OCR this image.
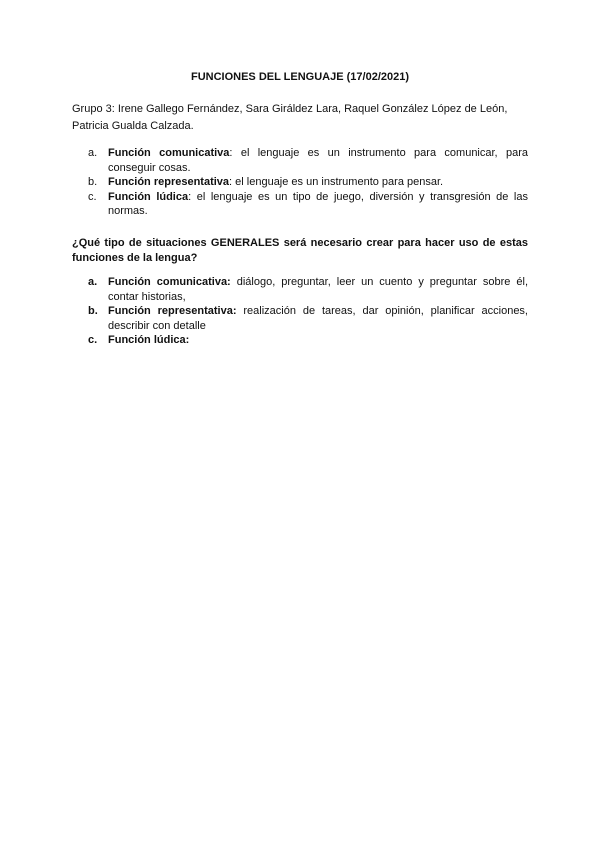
FUNCIONES DEL LENGUAJE (17/02/2021)
Grupo 3: Irene Gallego Fernández, Sara Giráldez Lara, Raquel González López de León, Patricia Gualda Calzada.
a. Función comunicativa: el lenguaje es un instrumento para comunicar, para conseguir cosas.
b. Función representativa: el lenguaje es un instrumento para pensar.
c. Función lúdica: el lenguaje es un tipo de juego, diversión y transgresión de las normas.
¿Qué tipo de situaciones GENERALES será necesario crear para hacer uso de estas funciones de la lengua?
a. Función comunicativa: diálogo, preguntar, leer un cuento y preguntar sobre él, contar historias,
b. Función representativa: realización de tareas, dar opinión, planificar acciones, describir con detalle
c. Función lúdica:
